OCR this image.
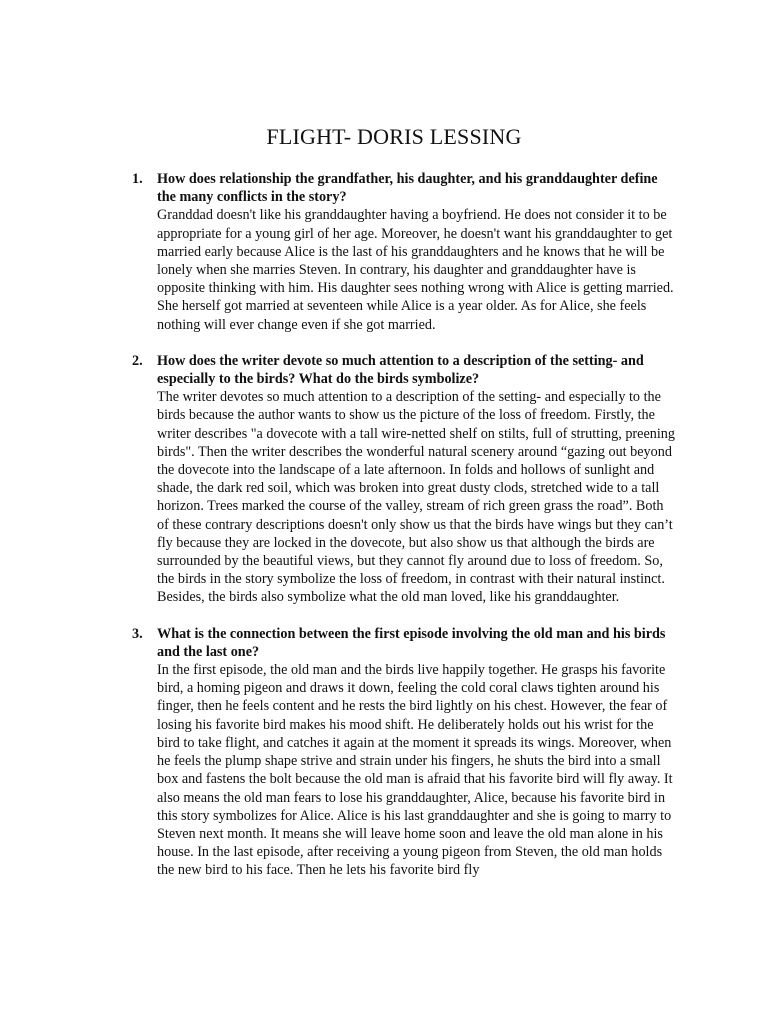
FLIGHT- DORIS LESSING
1. How does relationship the grandfather, his daughter, and his granddaughter define the many conflicts in the story?

Granddad doesn't like his granddaughter having a boyfriend. He does not consider it to be appropriate for a young girl of her age. Moreover, he doesn't want his granddaughter to get married early because Alice is the last of his granddaughters and he knows that he will be lonely when she marries Steven. In contrary, his daughter and granddaughter have is opposite thinking with him. His daughter sees nothing wrong with Alice is getting married. She herself got married at seventeen while Alice is a year older. As for Alice, she feels nothing will ever change even if she got married.

2. How does the writer devote so much attention to a description of the setting- and especially to the birds? What do the birds symbolize?

The writer devotes so much attention to a description of the setting- and especially to the birds because the author wants to show us the picture of the loss of freedom. Firstly, the writer describes "a dovecote with a tall wire-netted shelf on stilts, full of strutting, preening birds". Then the writer describes the wonderful natural scenery around “gazing out beyond the dovecote into the landscape of a late afternoon. In folds and hollows of sunlight and shade, the dark red soil, which was broken into great dusty clods, stretched wide to a tall horizon. Trees marked the course of the valley, stream of rich green grass the road”. Both of these contrary descriptions doesn't only show us that the birds have wings but they can’t fly because they are locked in the dovecote, but also show us that although the birds are surrounded by the beautiful views, but they cannot fly around due to loss of freedom. So, the birds in the story symbolize the loss of freedom, in contrast with their natural instinct. Besides, the birds also symbolize what the old man loved, like his granddaughter.

3. What is the connection between the first episode involving the old man and his birds and the last one?

In the first episode, the old man and the birds live happily together. He grasps his favorite bird, a homing pigeon and draws it down, feeling the cold coral claws tighten around his finger, then he feels content and he rests the bird lightly on his chest. However, the fear of losing his favorite bird makes his mood shift. He deliberately holds out his wrist for the bird to take flight, and catches it again at the moment it spreads its wings. Moreover, when he feels the plump shape strive and strain under his fingers, he shuts the bird into a small box and fastens the bolt because the old man is afraid that his favorite bird will fly away. It also means the old man fears to lose his granddaughter, Alice, because his favorite bird in this story symbolizes for Alice. Alice is his last granddaughter and she is going to marry to Steven next month. It means she will leave home soon and leave the old man alone in his house. In the last episode, after receiving a young pigeon from Steven, the old man holds the new bird to his face. Then he lets his favorite bird fly
